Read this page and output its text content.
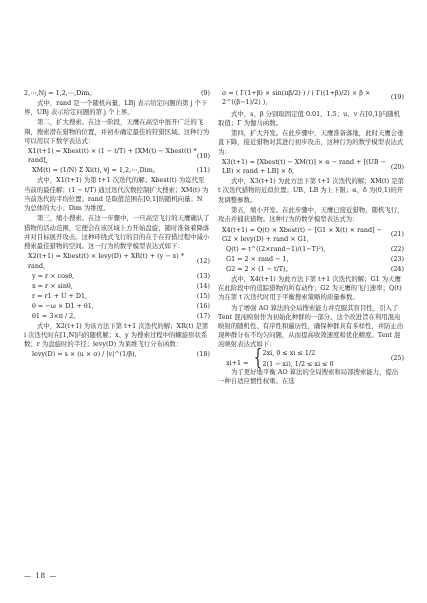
2,⋯,Nj = 1,2,⋯,Dim。	(9)

式中，rand 是一个随机向量，LBj 表示给定问题的第 j 个下界，UBj 表示给定问题的第 j 个上界。

第二，扩大搜索。在这一阶段，天鹰在高空中展开广泛的飞翔，搜索潜在猎物的位置，并初步确定最佳的狩猎区域。这种行为可以用以下数学表达式：

X1(t+1) = Xbest(t) × (1 − t/T) + [XM(t) − Xbest(t) * rand],
(10)
XM(t) = (1/N) Σ Xi(t), ∀j = 1,2,⋯,Dim。	(11)

式中，X1(t+1) 为第 t+1 次迭代的解；Xbest(t) 为迄代至当前的最佳解；(1 − t/T) 通过迭代次数控制扩大搜索；XM(t) 为当前迭代的平均位置；rand 是取值范围在[0,1]的随机向量；N 为总体的大小；Dim 为维度。

第三，缩小搜索。在这一步骤中，一旦高空飞行的天鹰确认了猎物的活动范围，它便会在该区域上方开始盘旋，随时准备着降落并对目标展开攻击。这种环绕式飞行的目的在于在狩猎过程中减小搜索最佳猎物的空间。这一行为的数学模型表达式如下：

X2(t+1) = Xbest(t) × levy(D) + XR(t) + (y − x) * rand,
(12)
y = r × cosθ,	(13)
x = r × sinθ,	(14)
r = r1 + U + D1,	(15)
θ = −ω × D1 + θ1,	(16)
θ1 = 3×π / 2。	(17)

式中，X2(t+1) 为该方法下第 t+1 次迭代的解；XR(t) 是第 i 次迭代时在[1,N]内的随机解；x、y 为搜索过程中的螺旋形状系数；r 为盘旋时的半径；levy(D) 为莱维飞行分布函数：

levy(D) = s × (u × σ) / |v|^(1/β),	(18)
σ = ( Γ(1+β) × sin(πβ/2) ) / ( Γ((1+β)/2) × β × 2^((β−1)/2) ),
(19)

式中，s、β 分别取固定值 0.01、1.5；u、v 在[0,1]内随机取值；Γ 为伽马函数。

第四，扩大开发。在此步骤中，天鹰准备落地，此时天鹰会垂直下降，接近猎物对其进行初步攻击，这种行为的数学模型表达式为：

X3(t+1) = [Xbest(t) − XM(t)] × α − rand + [(UB − LB) × rand + LB] × δ,
(20)

式中，X3(t+1) 为此方法下第 t+1 次迭代的解；XM(t) 是第 t 次迭代猎物的近似位置；UB、LB 为上下限；α、δ 为(0,1)的开发调整参数。

第五，缩小开发。在此步骤中，天鹰已接近猎物，随机飞行，攻击并捕获猎物。这种行为的数学模型表达式为：

X4(t+1) = Q(t) × Xbest(t) − [G1 × X(t) × rand] − G2 × levy(D) + rand × G1,
(21)
Q(t) = t^((2×rand−1)/(1−T)²),	(22)
G1 = 2 × rand − 1,	(23)
G2 = 2 × (1 − t/T)。	(24)

式中，X4(t+1) 为此方法下第 t+1 次迭代的解；G1 为天鹰在此阶段中的追踪猎物的所有动作；G2 为天鹰的飞行速率；Q(t) 为在第 t 次迭代时用于平衡搜索策略的质量参数。

为了增强 AO 算法的全局搜索能力并克服其盲目性，引入了 Tent 混沌映射作为初始化种群的一部分。这个改进旨在利用混沌映射的随机性、有序性和遍历性，确保种群具有多样性，并防止出现种群分布不均匀问题，从而提高收敛速度和优化精度。Tent 混沌映射表达式如下：

xi+1 = { 2xi, 0 ≤ xi ≤ 1/2
2(1 − xi), 1/2 ≤ xi ≤ 0
(25)

为了更好地平衡 AO 算法的全局搜索和局部搜索能力，提出一种自适应惯性权重。在选

— 18 —
